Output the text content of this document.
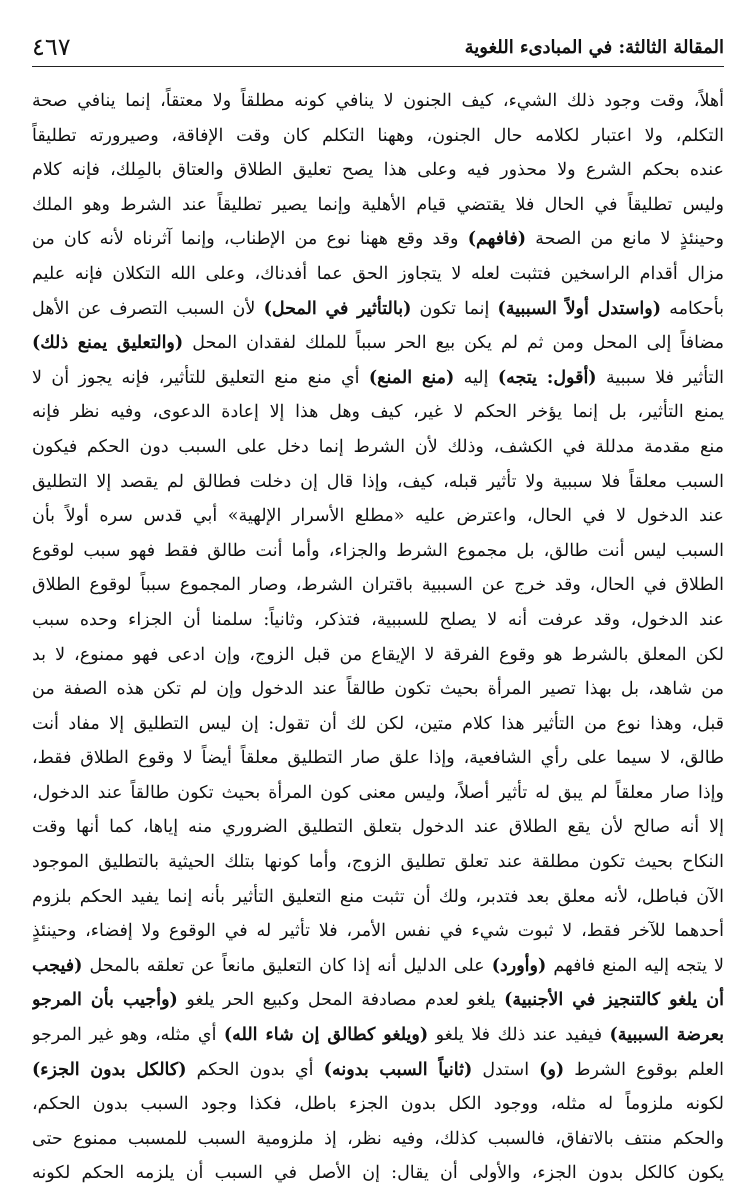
المقالة الثالثة: في المبادىء اللغوية
٤٦٧
أهلاً، وقت وجود ذلك الشيء، كيف الجنون لا ينافي كونه مطلقاً ولا معتقاً، إنما ينافي صحة
التكلم، ولا اعتبار لكلامه حال الجنون، وههنا التكلم كان وقت الإفاقة، وصيرورته تطليقاً
عنده بحكم الشرع ولا محذور فيه وعلى هذا يصح تعليق الطلاق والعتاق بالمِلك، فإنه كلام
وليس تطليقاً في الحال فلا يقتضي قيام الأهلية وإنما يصير تطليقاً عند الشرط وهو الملك
وحينئذٍ لا مانع من الصحة (فافهم) وقد وقع ههنا نوع من الإطناب، وإنما آثرناه لأنه كان من
مزال أقدام الراسخين فتثبت لعله لا يتجاوز الحق عما أفدناك، وعلى الله التكلان فإنه عليم
بأحكامه (واستدل أولاً السببية) إنما تكون (بالتأثير في المحل) لأن السبب التصرف عن الأهل
مضافاً إلى المحل ومن ثم لم يكن بيع الحر سبباً للملك لفقدان المحل (والتعليق يمنع ذلك)
التأثير فلا سببية (أقول: يتجه) إليه (منع المنع) أي منع منع التعليق للتأثير، فإنه يجوز أن لا
يمنع التأثير، بل إنما يؤخر الحكم لا غير، كيف وهل هذا إلا إعادة الدعوى، وفيه نظر فإنه
منع مقدمة مدللة في الكشف، وذلك لأن الشرط إنما دخل على السبب دون الحكم فيكون
السبب معلقاً فلا سببية ولا تأثير قبله، كيف، وإذا قال إن دخلت فطالق لم يقصد إلا التطليق
عند الدخول لا في الحال، واعترض عليه «مطلع الأسرار الإلهية» أبي قدس سره أولاً بأن
السبب ليس أنت طالق، بل مجموع الشرط والجزاء، وأما أنت طالق فقط فهو سبب لوقوع
الطلاق في الحال، وقد خرج عن السببية باقتران الشرط، وصار المجموع سبباً لوقوع الطلاق
عند الدخول، وقد عرفت أنه لا يصلح للسببية، فتذكر، وثانياً: سلمنا أن الجزاء وحده سبب
لكن المعلق بالشرط هو وقوع الفرقة لا الإيقاع من قبل الزوج، وإن ادعى فهو ممنوع، لا بد
من شاهد، بل بهذا تصير المرأة بحيث تكون طالقاً عند الدخول وإن لم تكن هذه الصفة من
قبل، وهذا نوع من التأثير هذا كلام متين، لكن لك أن تقول: إن ليس التطليق إلا مفاد أنت
طالق، لا سيما على رأي الشافعية، وإذا علق صار التطليق معلقاً أيضاً لا وقوع الطلاق فقط،
وإذا صار معلقاً لم يبق له تأثير أصلاً، وليس معنى كون المرأة بحيث تكون طالقاً عند الدخول،
إلا أنه صالح لأن يقع الطلاق عند الدخول بتعلق التطليق الضروري منه إياها، كما أنها وقت
النكاح بحيث تكون مطلقة عند تعلق تطليق الزوج، وأما كونها بتلك الحيثية بالتطليق الموجود
الآن فباطل، لأنه معلق بعد فتدبر، ولك أن تثبت منع التعليق التأثير بأنه إنما يفيد الحكم بلزوم
أحدهما للآخر فقط، لا ثبوت شيء في نفس الأمر، فلا تأثير له في الوقوع ولا إفضاء، وحينئذٍ
لا يتجه إليه المنع فافهم (وأورد) على الدليل أنه إذا كان التعليق مانعاً عن تعلقه بالمحل (فيجب
أن يلغو كالتنجيز في الأجنبية) يلغو لعدم مصادفة المحل وكبيع الحر يلغو (وأجيب بأن المرجو
بعرضة السببية) فيفيد عند ذلك فلا يلغو (ويلغو كطالق إن شاء الله) أي مثله، وهو غير المرجو
العلم بوقوع الشرط (و) استدل (ثانياً السبب بدونه) أي بدون الحكم (كالكل بدون الجزء)
لكونه ملزوماً له مثله، ووجود الكل بدون الجزء باطل، فكذا وجود السبب بدون الحكم،
والحكم منتف بالاتفاق، فالسبب كذلك، وفيه نظر، إذ ملزومية السبب للمسبب ممنوع حتى
يكون كالكل بدون الجزء، والأولى أن يقال: إن الأصل في السبب أن يلزمه الحكم لكونه
